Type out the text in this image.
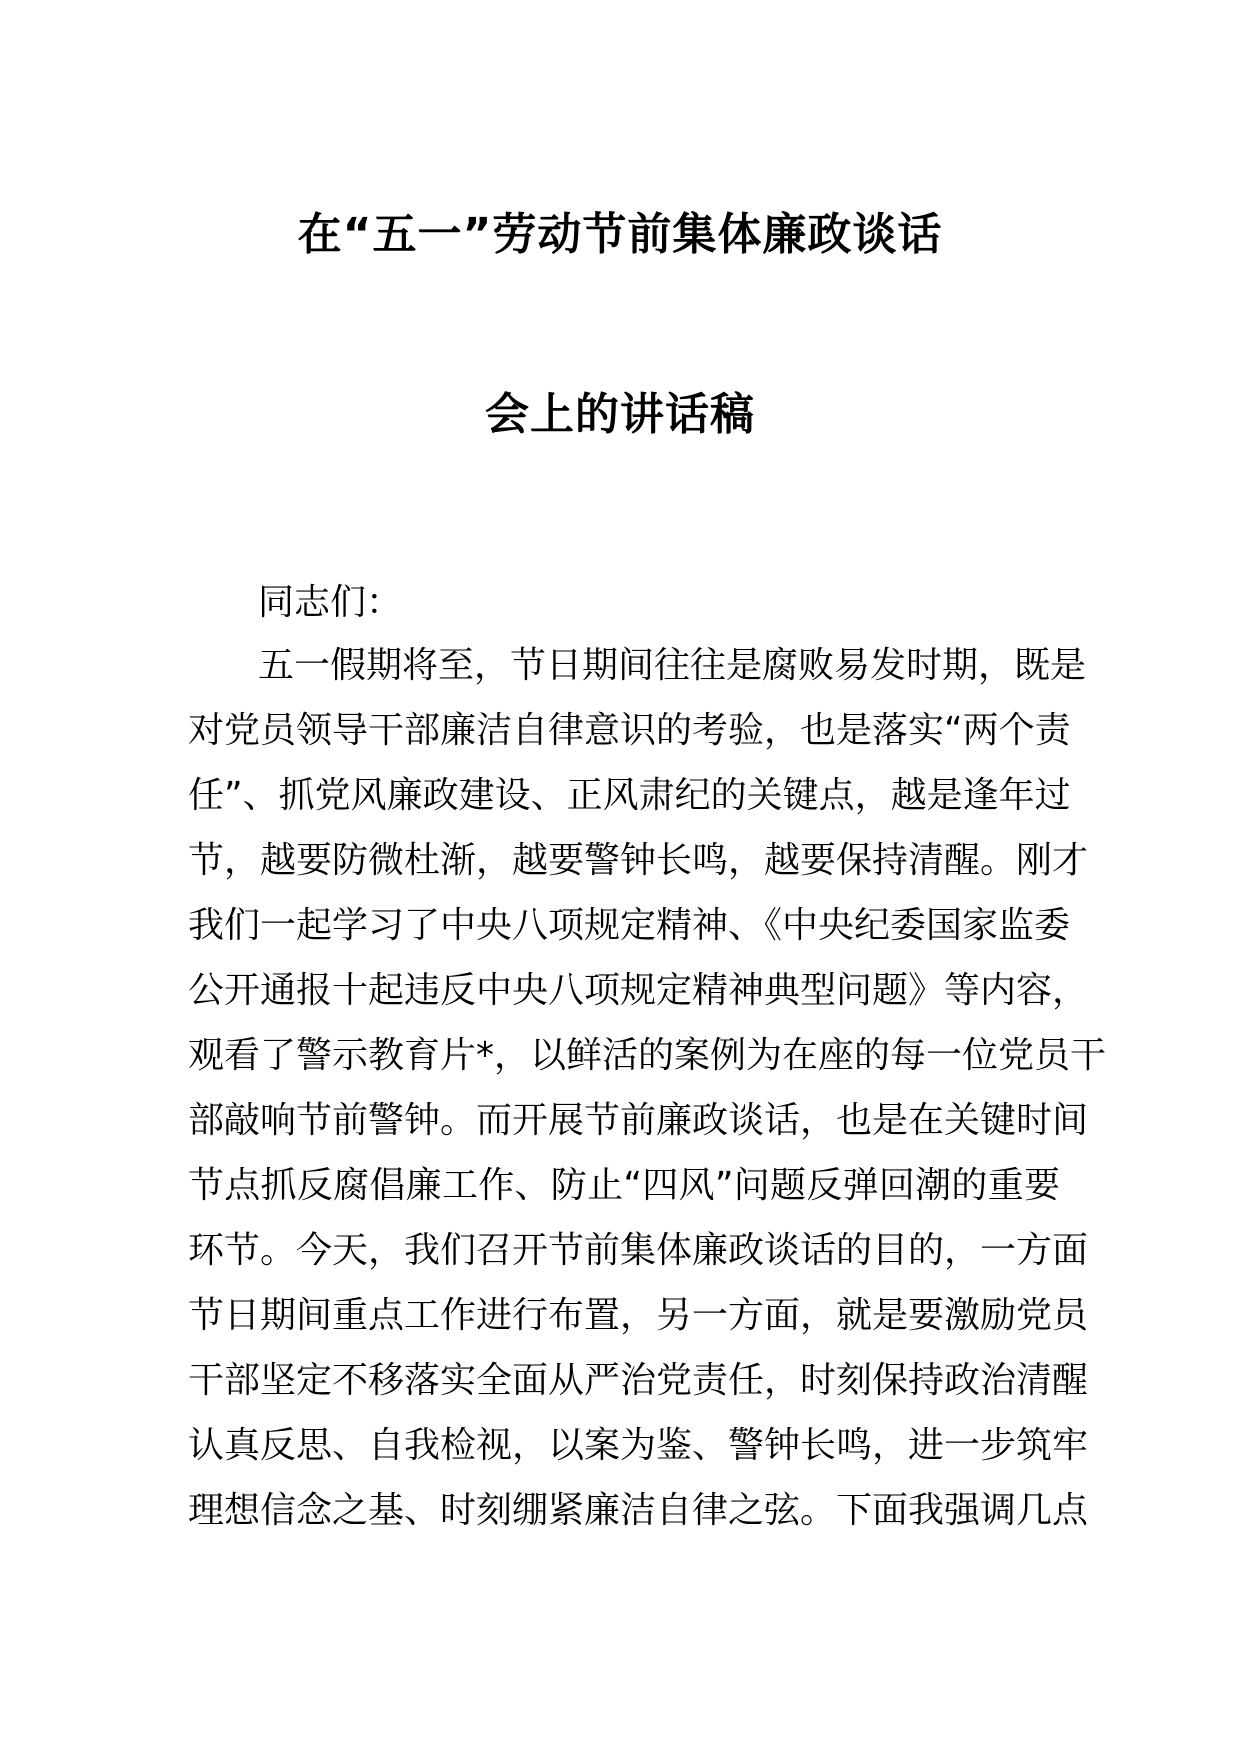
在“五一”劳动节前集体廉政谈话
会上的讲话稿
同志们：
五一假期将至，节日期间往往是腐败易发时期，既是
对党员领导干部廉洁自律意识的考验，也是落实“两个责
任”、抓党风廉政建设、正风肃纪的关键点，越是逢年过
节，越要防微杜渐，越要警钟长鸣，越要保持清醒。刚才
我们一起学习了中央八项规定精神、《中央纪委国家监委
公开通报十起违反中央八项规定精神典型问题》等内容，
观看了警示教育片*，以鲜活的案例为在座的每一位党员干
部敲响节前警钟。而开展节前廉政谈话，也是在关键时间
节点抓反腐倡廉工作、防止“四风”问题反弹回潮的重要
环节。今天，我们召开节前集体廉政谈话的目的，一方面
节日期间重点工作进行布置，另一方面，就是要激励党员
干部坚定不移落实全面从严治党责任，时刻保持政治清醒
认真反思、自我检视，以案为鉴、警钟长鸣，进一步筑牢
理想信念之基、时刻绷紧廉洁自律之弦。下面我强调几点
